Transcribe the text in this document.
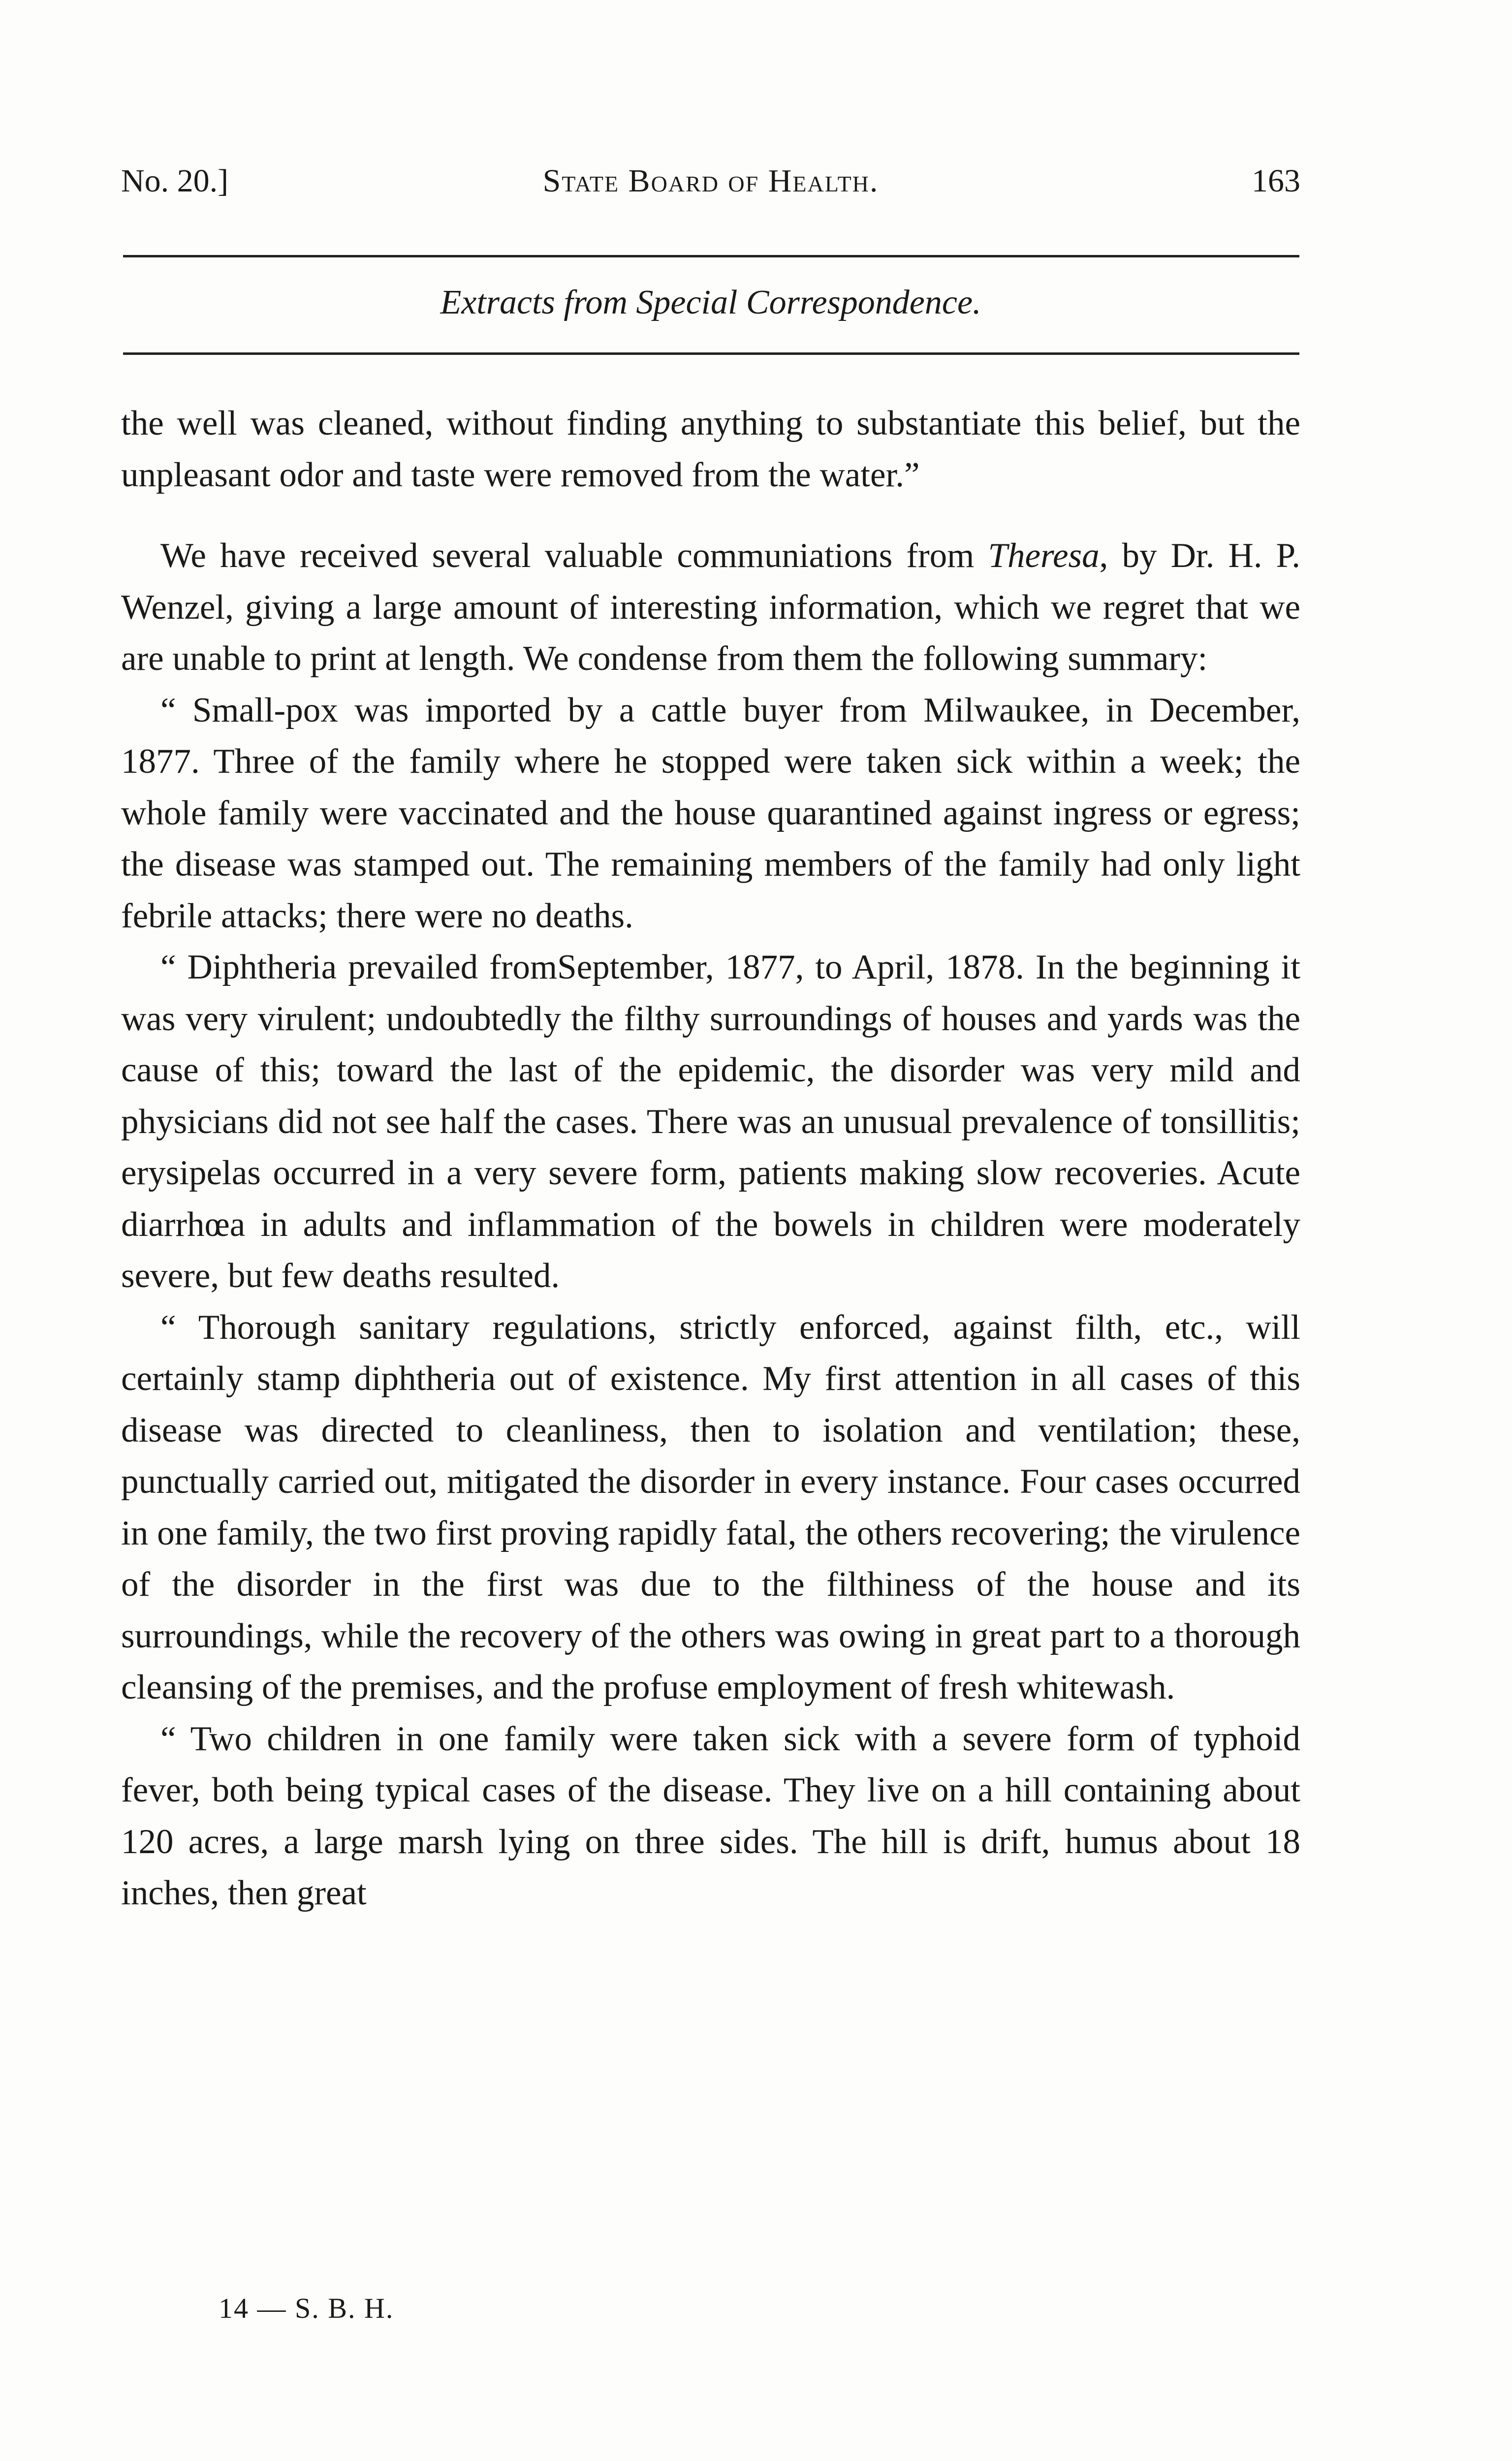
No. 20.]	State Board of Health.	163
Extracts from Special Correspondence.

the well was cleaned, without finding anything to substantiate this belief, but the unpleasant odor and taste were removed from the water.”

We have received several valuable communiations from Theresa, by Dr. H. P. Wenzel, giving a large amount of interesting information, which we regret that we are unable to print at length. We condense from them the following summary:

“ Small-pox was imported by a cattle buyer from Milwaukee, in December, 1877. Three of the family where he stopped were taken sick within a week; the whole family were vaccinated and the house quarantined against ingress or egress; the disease was stamped out. The remaining members of the family had only light febrile attacks; there were no deaths.

“ Diphtheria prevailed fromSeptember, 1877, to April, 1878. In the beginning it was very virulent; undoubtedly the filthy surroundings of houses and yards was the cause of this; toward the last of the epidemic, the disorder was very mild and physicians did not see half the cases. There was an unusual prevalence of tonsillitis; erysipelas occurred in a very severe form, patients making slow recoveries. Acute diarrhœa in adults and inflammation of the bowels in children were moderately severe, but few deaths resulted.

“ Thorough sanitary regulations, strictly enforced, against filth, etc., will certainly stamp diphtheria out of existence. My first attention in all cases of this disease was directed to cleanliness, then to isolation and ventilation; these, punctually carried out, mitigated the disorder in every instance. Four cases occurred in one family, the two first proving rapidly fatal, the others recovering; the virulence of the disorder in the first was due to the filthiness of the house and its surroundings, while the recovery of the others was owing in great part to a thorough cleansing of the premises, and the profuse employment of fresh whitewash.

“ Two children in one family were taken sick with a severe form of typhoid fever, both being typical cases of the disease. They live on a hill containing about 120 acres, a large marsh lying on three sides. The hill is drift, humus about 18 inches, then great

14 — S. B. H.
